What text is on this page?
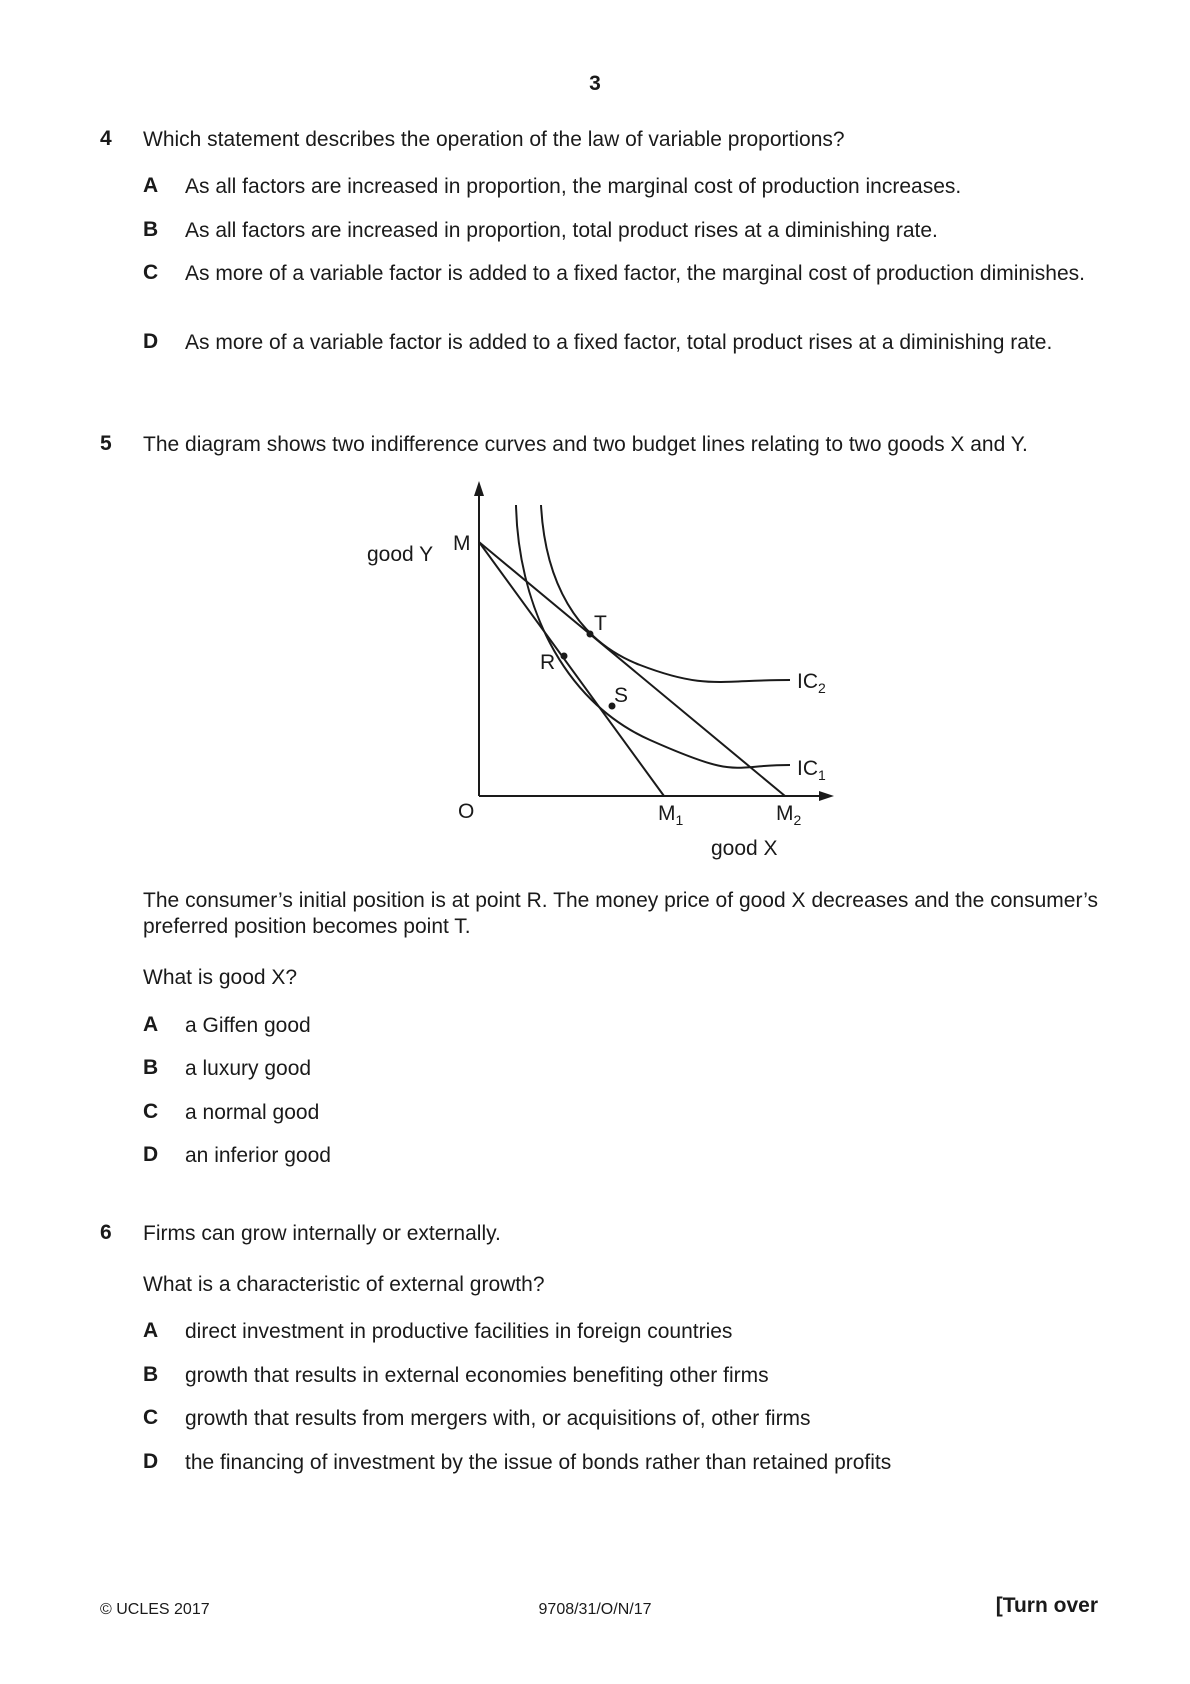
3
4 Which statement describes the operation of the law of variable proportions?
A As all factors are increased in proportion, the marginal cost of production increases.
B As all factors are increased in proportion, total product rises at a diminishing rate.
C As more of a variable factor is added to a fixed factor, the marginal cost of production diminishes.
D As more of a variable factor is added to a fixed factor, total product rises at a diminishing rate.
5 The diagram shows two indifference curves and two budget lines relating to two goods X and Y.
good Y M
O
T
R
S
$IC_2$
$IC_1$
$M_1$	$M_2$
good X
The consumer’s initial position is at point R. The money price of good X decreases and the consumer’s preferred position becomes point T.
What is good X?
A a Giffen good
B a luxury good
C a normal good
D an inferior good
6 Firms can grow internally or externally.
What is a characteristic of external growth?
A direct investment in productive facilities in foreign countries
B growth that results in external economies benefiting other firms
C growth that results from mergers with, or acquisitions of, other firms
D the financing of investment by the issue of bonds rather than retained profits
© UCLES 2017	9708/31/O/N/17	[Turn over
